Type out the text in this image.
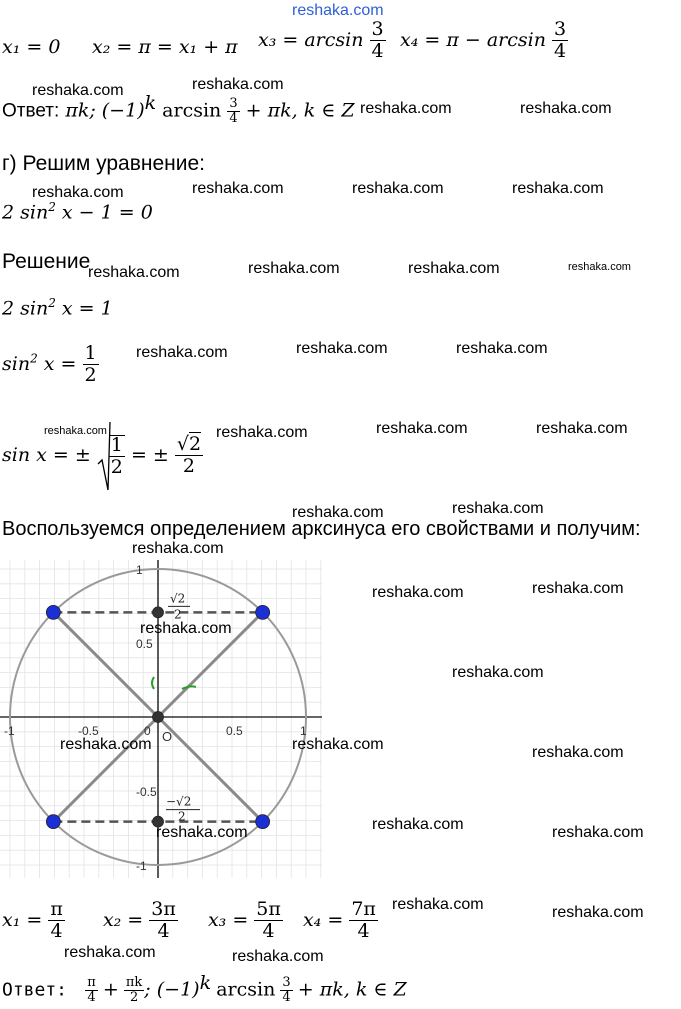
reshaka.com
x₁ = 0 x₂ = π = x₁ + π $x_3 = \arcsin \frac{3}{4} x_4 = \pi - \arcsin \frac{3}{4}$
Ответ: πk; $(-1)^k$ $\arcsin \frac{3}{4} + \pi k$, k ∈ Z
г) Решим уравнение:
2 $\sin^2 x - 1 = 0$
Решение
2 $\sin^2 x = 1$
$\sin^2 x = \frac{1}{2}$
sin x = ± $\frac{1}{2}$ = ± $\frac{√2}{2}$
Воспользуемся определением арксинуса его свойствами и получим:
-1	-0.5	0	0.5	1
1
0.5
-0.5
-1
O
√2
2
−√2
2
$x_1 = \frac{\pi}{4} x_2 = \frac{3\pi}{4} x_3 = \frac{5\pi}{4} x_4 = \frac{7\pi}{4}$
Ответ: $\frac{\pi}{4} + \frac{\pi k}{2}$ ; $(-1)^k$ $\arcsin \frac{3}{4} + \pi k$, k ∈ Z
reshaka.com	reshaka.com
reshaka.com	reshaka.com
reshaka.com	reshaka.com	reshaka.com	reshaka.com
reshaka.com	reshaka.com	reshaka.com	reshaka.com
reshaka.com	reshaka.com	reshaka.com
reshaka.com	reshaka.com	reshaka.com	reshaka.com
reshaka.com	reshaka.com
reshaka.com
reshaka.com	reshaka.com
reshaka.com
reshaka.com
reshaka.com	reshaka.com	reshaka.com
reshaka.com
reshaka.com	reshaka.com
reshaka.com	reshaka.com
reshaka.com	reshaka.com
